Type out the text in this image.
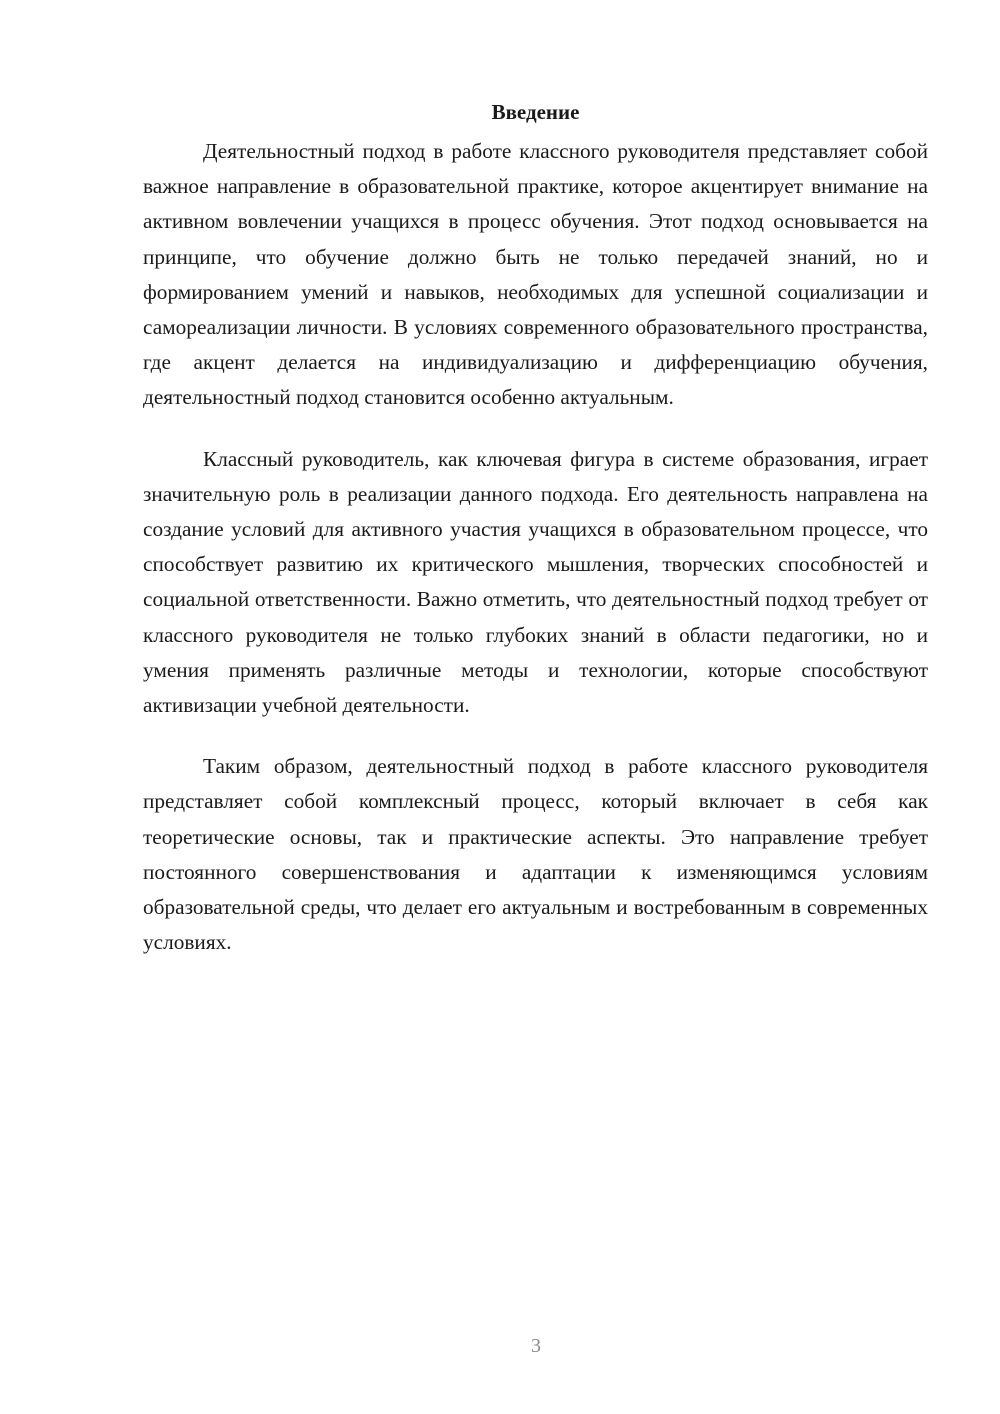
Введение

Деятельностный подход в работе классного руководителя представляет собой важное направление в образовательной практике, которое акцентирует внимание на активном вовлечении учащихся в процесс обучения. Этот подход основывается на принципе, что обучение должно быть не только передачей знаний, но и формированием умений и навыков, необходимых для успешной социализации и самореализации личности. В условиях современного образовательного пространства, где акцент делается на индивидуализацию и дифференциацию обучения, деятельностный подход становится особенно актуальным.

Классный руководитель, как ключевая фигура в системе образования, играет значительную роль в реализации данного подхода. Его деятельность направлена на создание условий для активного участия учащихся в образовательном процессе, что способствует развитию их критического мышления, творческих способностей и социальной ответственности. Важно отметить, что деятельностный подход требует от классного руководителя не только глубоких знаний в области педагогики, но и умения применять различные методы и технологии, которые способствуют активизации учебной деятельности.

Таким образом, деятельностный подход в работе классного руководителя представляет собой комплексный процесс, который включает в себя как теоретические основы, так и практические аспекты. Это направление требует постоянного совершенствования и адаптации к изменяющимся условиям образовательной среды, что делает его актуальным и востребованным в современных условиях.

3
